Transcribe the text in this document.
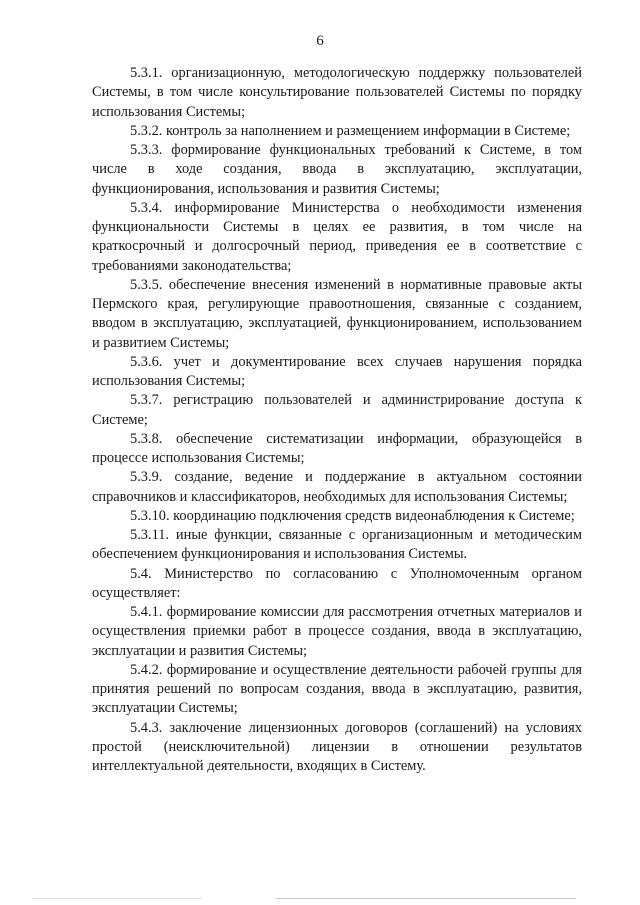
6

5.3.1. организационную, методологическую поддержку пользователей Системы, в том числе консультирование пользователей Системы по порядку использования Системы;

5.3.2. контроль за наполнением и размещением информации в Системе;

5.3.3. формирование функциональных требований к Системе, в том числе в ходе создания, ввода в эксплуатацию, эксплуатации, функционирования, использования и развития Системы;

5.3.4. информирование Министерства о необходимости изменения функциональности Системы в целях ее развития, в том числе на краткосрочный и долгосрочный период, приведения ее в соответствие с требованиями законодательства;

5.3.5. обеспечение внесения изменений в нормативные правовые акты Пермского края, регулирующие правоотношения, связанные с созданием, вводом в эксплуатацию, эксплуатацией, функционированием, использованием и развитием Системы;

5.3.6. учет и документирование всех случаев нарушения порядка использования Системы;

5.3.7. регистрацию пользователей и администрирование доступа к Системе;

5.3.8. обеспечение систематизации информации, образующейся в процессе использования Системы;

5.3.9. создание, ведение и поддержание в актуальном состоянии справочников и классификаторов, необходимых для использования Системы;

5.3.10. координацию подключения средств видеонаблюдения к Системе;

5.3.11. иные функции, связанные с организационным и методическим обеспечением функционирования и использования Системы.

5.4. Министерство по согласованию с Уполномоченным органом осуществляет:

5.4.1. формирование комиссии для рассмотрения отчетных материалов и осуществления приемки работ в процессе создания, ввода в эксплуатацию, эксплуатации и развития Системы;

5.4.2. формирование и осуществление деятельности рабочей группы для принятия решений по вопросам создания, ввода в эксплуатацию, развития, эксплуатации Системы;

5.4.3. заключение лицензионных договоров (соглашений) на условиях простой (неисключительной) лицензии в отношении результатов интеллектуальной деятельности, входящих в Систему.
